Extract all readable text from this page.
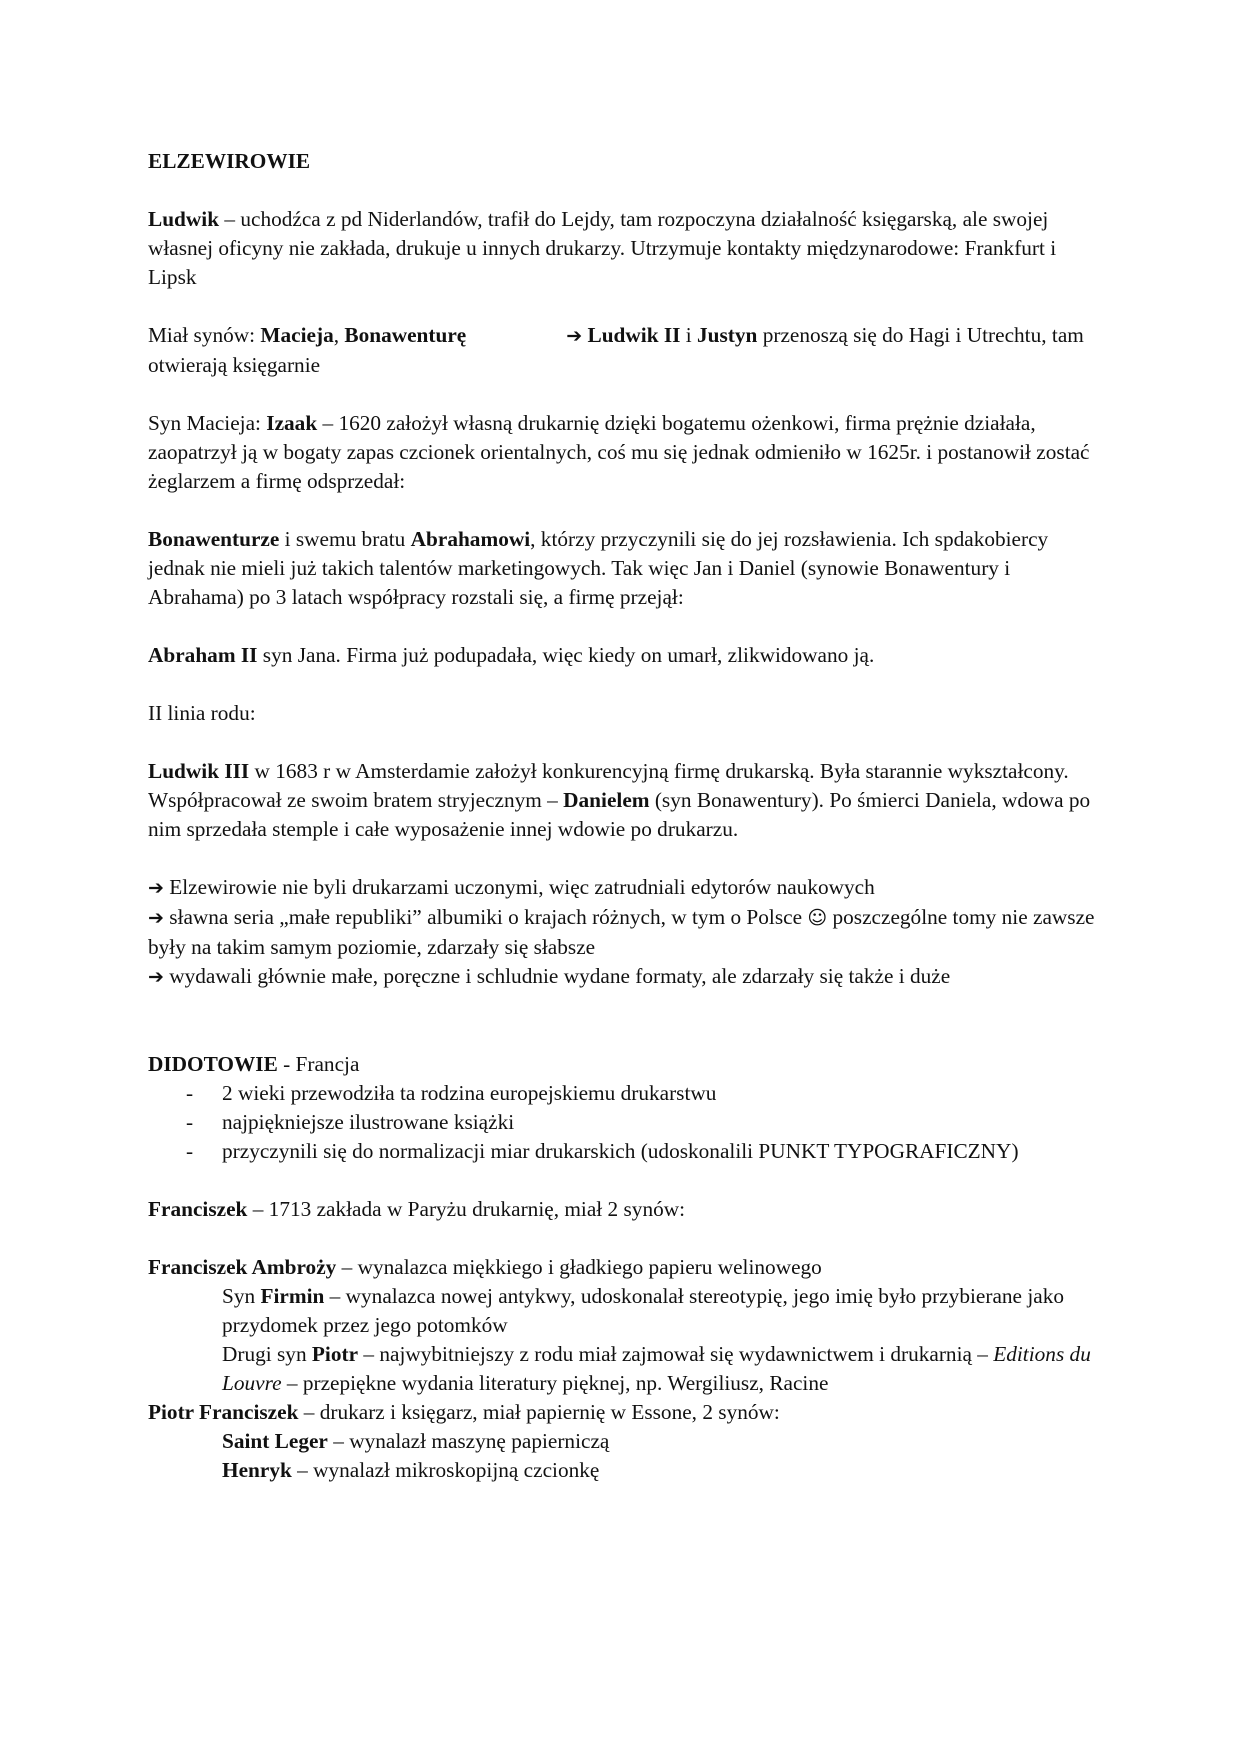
ELZEWIROWIE

Ludwik – uchodźca z pd Niderlandów, trafił do Lejdy, tam rozpoczyna działalność księgarską, ale swojej własnej oficyny nie zakłada, drukuje u innych drukarzy. Utrzymuje kontakty międzynarodowe: Frankfurt i Lipsk

Miał synów: Macieja, Bonawenturę	➔ Ludwik II i Justyn przenoszą się do Hagi i Utrechtu, tam otwierają księgarnie

Syn Macieja: Izaak – 1620 założył własną drukarnię dzięki bogatemu ożenkowi, firma prężnie działała, zaopatrzył ją w bogaty zapas czcionek orientalnych, coś mu się jednak odmieniło w 1625r. i postanowił zostać żeglarzem a firmę odsprzedał:

Bonawenturze i swemu bratu Abrahamowi, którzy przyczynili się do jej rozsławienia. Ich spdakobiercy jednak nie mieli już takich talentów marketingowych. Tak więc Jan i Daniel (synowie Bonawentury i Abrahama) po 3 latach współpracy rozstali się, a firmę przejął:

Abraham II syn Jana. Firma już podupadała, więc kiedy on umarł, zlikwidowano ją.

II linia rodu:

Ludwik III w 1683 r w Amsterdamie założył konkurencyjną firmę drukarską. Była starannie wykształcony. Współpracował ze swoim bratem stryjecznym – Danielem (syn Bonawentury). Po śmierci Daniela, wdowa po nim sprzedała stemple i całe wyposażenie innej wdowie po drukarzu.

➔ Elzewirowie nie byli drukarzami uczonymi, więc zatrudniali edytorów naukowych

➔ sławna seria „małe republiki” albumiki o krajach różnych, w tym o Polsce ☺ poszczególne tomy nie zawsze były na takim samym poziomie, zdarzały się słabsze

➔ wydawali głównie małe, poręczne i schludnie wydane formaty, ale zdarzały się także i duże

DIDOTOWIE - Francja

- 2 wieki przewodziła ta rodzina europejskiemu drukarstwu
- najpiękniejsze ilustrowane książki
- przyczynili się do normalizacji miar drukarskich (udoskonalili PUNKT TYPOGRAFICZNY)

Franciszek – 1713 zakłada w Paryżu drukarnię, miał 2 synów:

Franciszek Ambroży – wynalazca miękkiego i gładkiego papieru welinowego

Syn Firmin – wynalazca nowej antykwy, udoskonalał stereotypię, jego imię było przybierane jako przydomek przez jego potomków

Drugi syn Piotr – najwybitniejszy z rodu miał zajmował się wydawnictwem i drukarnią – Editions du Louvre – przepiękne wydania literatury pięknej, np. Wergiliusz, Racine

Piotr Franciszek – drukarz i księgarz, miał papiernię w Essone, 2 synów:

Saint Leger – wynalazł maszynę papierniczą

Henryk – wynalazł mikroskopijną czcionkę
